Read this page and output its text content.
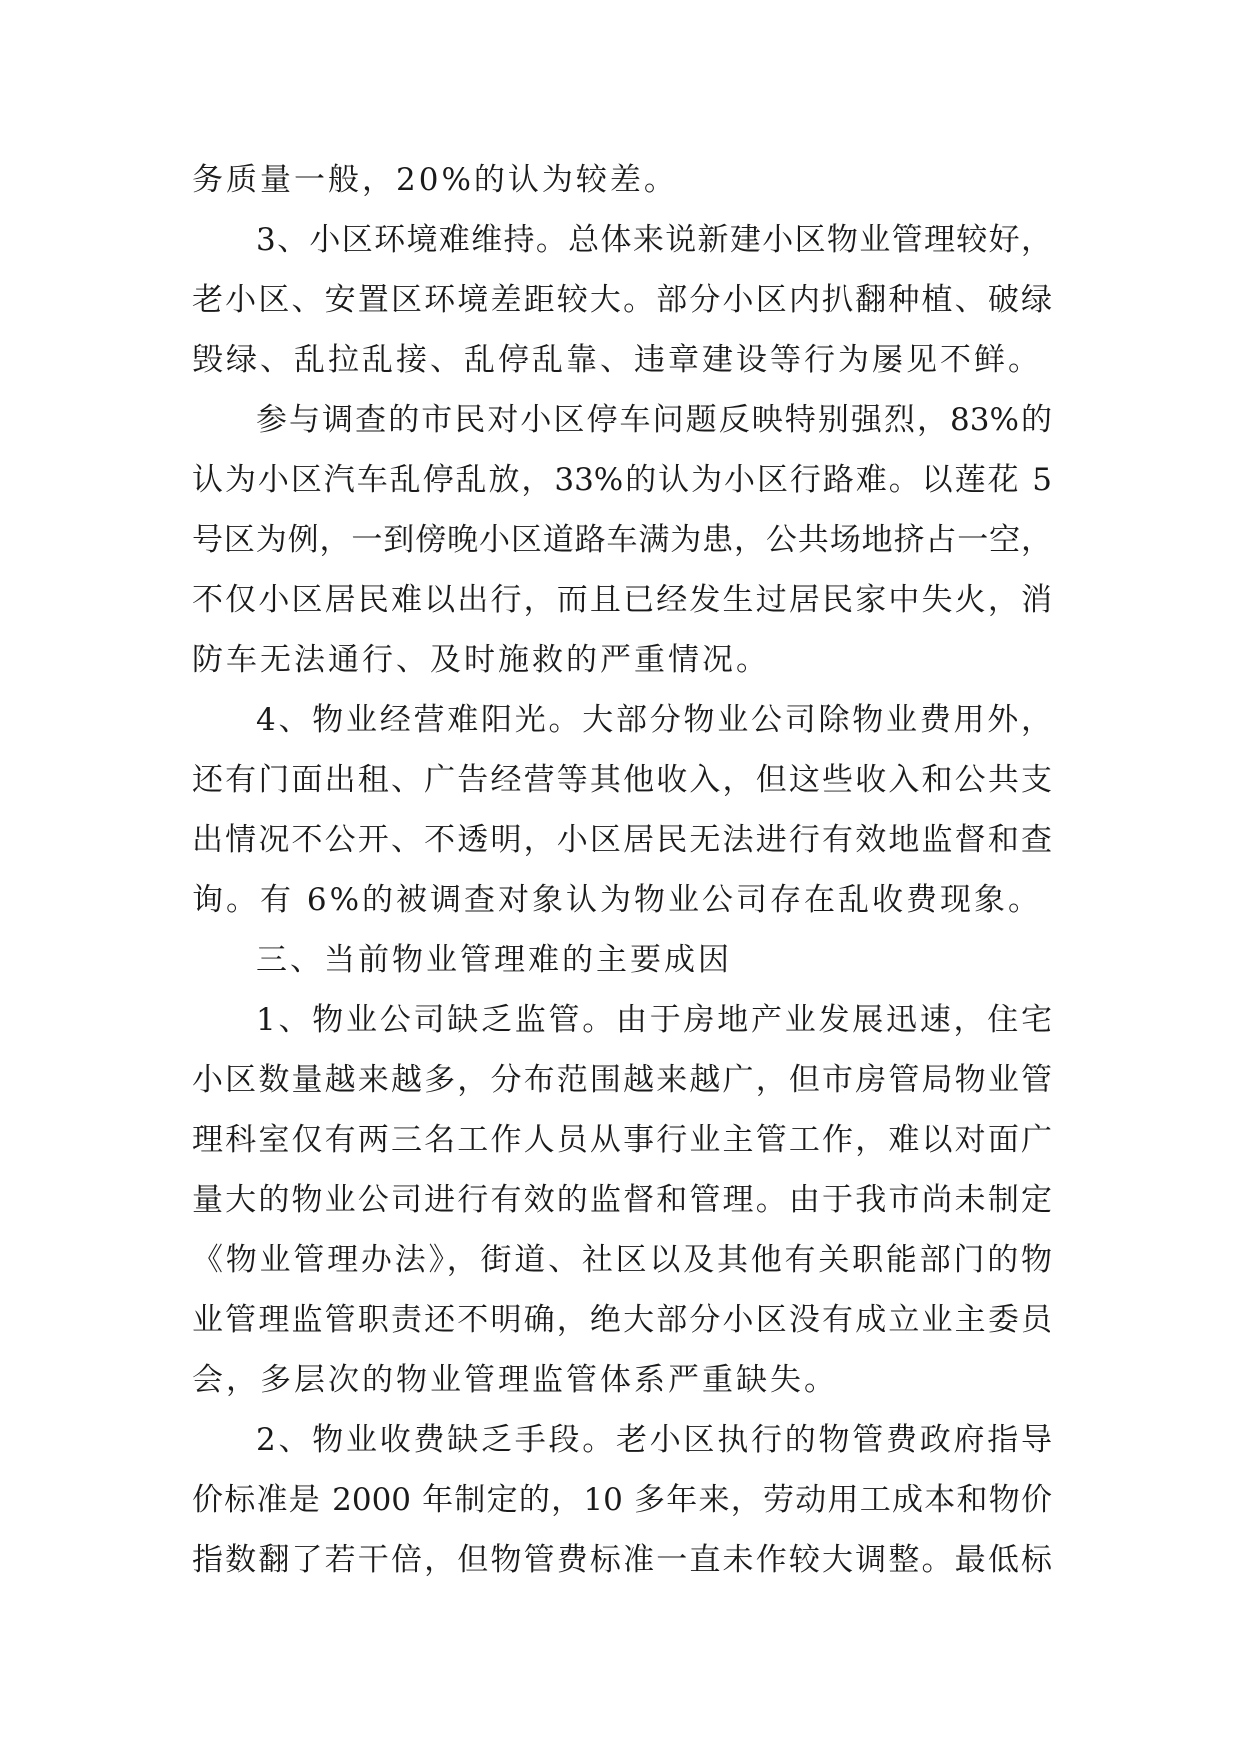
务质量一般，20%的认为较差。
3、小区环境难维持。总体来说新建小区物业管理较好，
老小区、安置区环境差距较大。部分小区内扒翻种植、破绿
毁绿、乱拉乱接、乱停乱靠、违章建设等行为屡见不鲜。
参与调查的市民对小区停车问题反映特别强烈，83%的
认为小区汽车乱停乱放，33%的认为小区行路难。以莲花 5
号区为例，一到傍晚小区道路车满为患，公共场地挤占一空，
不仅小区居民难以出行，而且已经发生过居民家中失火，消
防车无法通行、及时施救的严重情况。
4、物业经营难阳光。大部分物业公司除物业费用外，
还有门面出租、广告经营等其他收入，但这些收入和公共支
出情况不公开、不透明，小区居民无法进行有效地监督和查
询。有 6%的被调查对象认为物业公司存在乱收费现象。
三、当前物业管理难的主要成因
1、物业公司缺乏监管。由于房地产业发展迅速，住宅
小区数量越来越多，分布范围越来越广，但市房管局物业管
理科室仅有两三名工作人员从事行业主管工作，难以对面广
量大的物业公司进行有效的监督和管理。由于我市尚未制定
《物业管理办法》，街道、社区以及其他有关职能部门的物
业管理监管职责还不明确，绝大部分小区没有成立业主委员
会，多层次的物业管理监管体系严重缺失。
2、物业收费缺乏手段。老小区执行的物管费政府指导
价标准是 2000 年制定的，10 多年来，劳动用工成本和物价
指数翻了若干倍，但物管费标准一直未作较大调整。最低标
